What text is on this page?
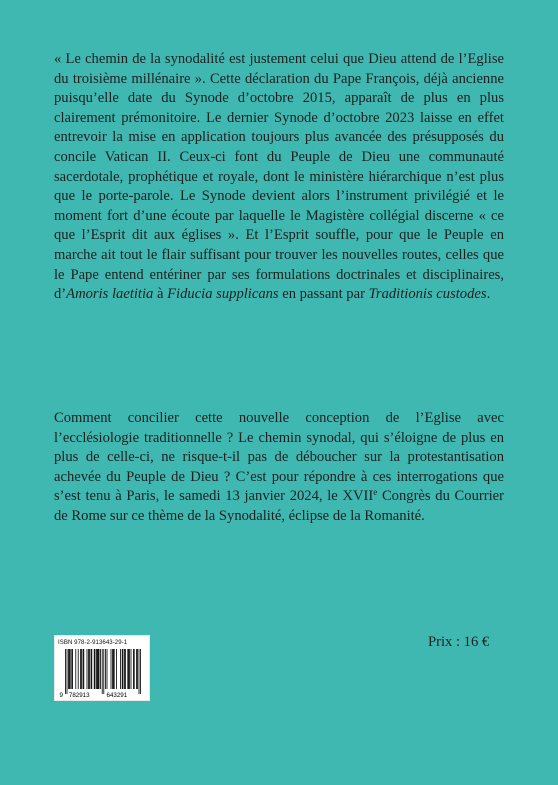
« Le chemin de la synodalité est justement celui que Dieu attend de l’Eglise du troisième millénaire ». Cette déclaration du Pape François, déjà ancienne puisqu’elle date du Synode d’octobre 2015, apparaît de plus en plus clairement prémonitoire. Le dernier Synode d’octobre 2023 laisse en effet entrevoir la mise en application toujours plus avancée des présupposés du concile Vatican II. Ceux-ci font du Peuple de Dieu une communauté sacerdotale, prophétique et royale, dont le ministère hiérarchique n’est plus que le porte-parole. Le Synode devient alors l’instrument privilégié et le moment fort d’une écoute par laquelle le Magistère collégial discerne « ce que l’Esprit dit aux églises ». Et l’Esprit souffle, pour que le Peuple en marche ait tout le flair suffisant pour trouver les nouvelles routes, celles que le Pape entend entériner par ses formulations doctrinales et disciplinaires, d’Amoris laetitia à Fiducia supplicans en passant par Traditionis custodes.

Comment concilier cette nouvelle conception de l’Eglise avec l’ecclésiologie traditionnelle ? Le chemin synodal, qui s’éloigne de plus en plus de celle-ci, ne risque-t-il pas de déboucher sur la protestantisation achevée du Peuple de Dieu ? C’est pour répondre à ces interrogations que s’est tenu à Paris, le samedi 13 janvier 2024, le XVIIe Congrès du Courrier de Rome sur ce thème de la Synodalité, éclipse de la Romanité.

ISBN 978-2-913643-29-1
9 782913	643291
Prix : 16 €
